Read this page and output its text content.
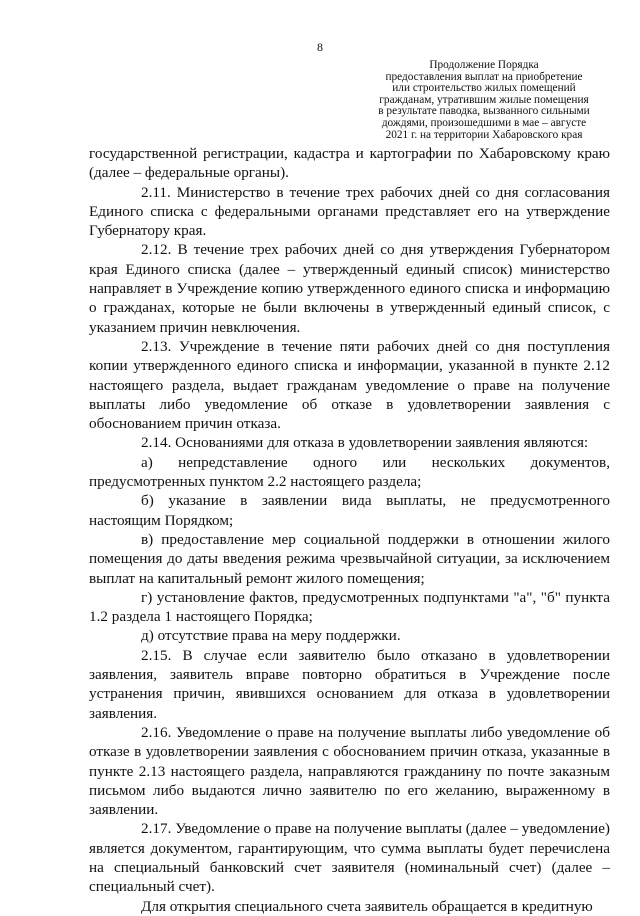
8
Продолжение Порядка
предоставления выплат на приобретение
или строительство жилых помещений
гражданам, утратившим жилые помещения
в результате паводка, вызванного сильными
дождями, произошедшими в мае – августе
2021 г. на территории Хабаровского края

государственной регистрации, кадастра и картографии по Хабаровскому краю (далее – федеральные органы).

2.11. Министерство в течение трех рабочих дней со дня согласования Единого списка с федеральными органами представляет его на утверждение Губернатору края.

2.12. В течение трех рабочих дней со дня утверждения Губернатором края Единого списка (далее – утвержденный единый список) министерство направляет в Учреждение копию утвержденного единого списка и информацию о гражданах, которые не были включены в утвержденный единый список, с указанием причин невключения.

2.13. Учреждение в течение пяти рабочих дней со дня поступления копии утвержденного единого списка и информации, указанной в пункте 2.12 настоящего раздела, выдает гражданам уведомление о праве на получение выплаты либо уведомление об отказе в удовлетворении заявления с обоснованием причин отказа.

2.14. Основаниями для отказа в удовлетворении заявления являются:

а) непредставление одного или нескольких документов, предусмотренных пунктом 2.2 настоящего раздела;

б) указание в заявлении вида выплаты, не предусмотренного настоящим Порядком;

в) предоставление мер социальной поддержки в отношении жилого помещения до даты введения режима чрезвычайной ситуации, за исключением выплат на капитальный ремонт жилого помещения;

г) установление фактов, предусмотренных подпунктами "а", "б" пункта 1.2 раздела 1 настоящего Порядка;

д) отсутствие права на меру поддержки.

2.15. В случае если заявителю было отказано в удовлетворении заявления, заявитель вправе повторно обратиться в Учреждение после устранения причин, явившихся основанием для отказа в удовлетворении заявления.

2.16. Уведомление о праве на получение выплаты либо уведомление об отказе в удовлетворении заявления с обоснованием причин отказа, указанные в пункте 2.13 настоящего раздела, направляются гражданину по почте заказным письмом либо выдаются лично заявителю по его желанию, выраженному в заявлении.

2.17. Уведомление о праве на получение выплаты (далее – уведомление) является документом, гарантирующим, что сумма выплаты будет перечислена на специальный банковский счет заявителя (номинальный счет) (далее – специальный счет).

Для открытия специального счета заявитель обращается в кредитную
